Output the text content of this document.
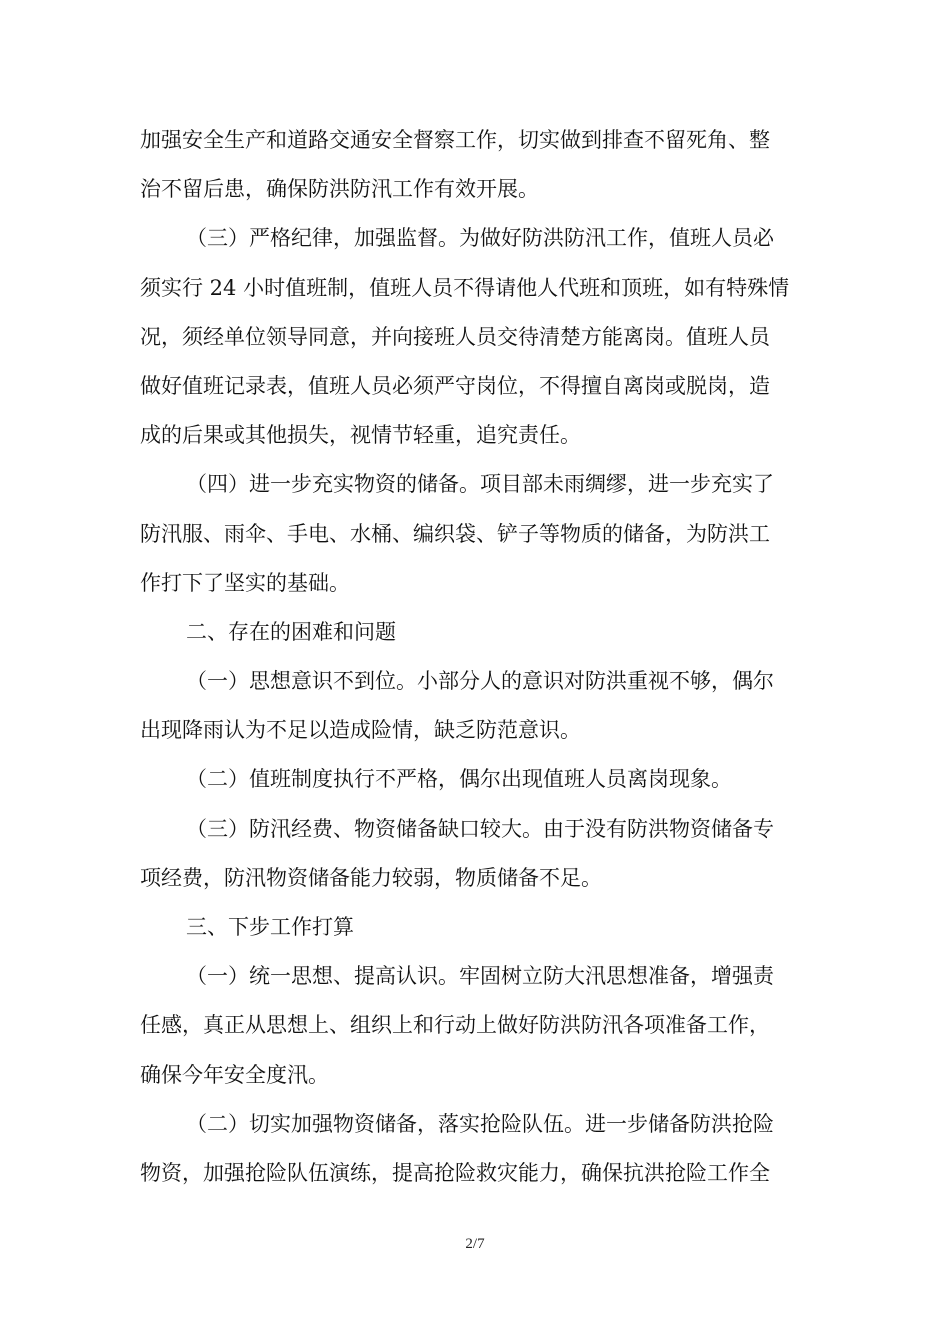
加强安全生产和道路交通安全督察工作，切实做到排查不留死角、整
治不留后患，确保防洪防汛工作有效开展。
（三）严格纪律，加强监督。为做好防洪防汛工作，值班人员必
须实行 24 小时值班制，值班人员不得请他人代班和顶班，如有特殊情
况，须经单位领导同意，并向接班人员交待清楚方能离岗。值班人员
做好值班记录表，值班人员必须严守岗位，不得擅自离岗或脱岗，造
成的后果或其他损失，视情节轻重，追究责任。
（四）进一步充实物资的储备。项目部未雨绸缪，进一步充实了
防汛服、雨伞、手电、水桶、编织袋、铲子等物质的储备，为防洪工
作打下了坚实的基础。
二、存在的困难和问题
（一）思想意识不到位。小部分人的意识对防洪重视不够，偶尔
出现降雨认为不足以造成险情，缺乏防范意识。
（二）值班制度执行不严格，偶尔出现值班人员离岗现象。
（三）防汛经费、物资储备缺口较大。由于没有防洪物资储备专
项经费，防汛物资储备能力较弱，物质储备不足。
三、下步工作打算
（一）统一思想、提高认识。牢固树立防大汛思想准备，增强责
任感，真正从思想上、组织上和行动上做好防洪防汛各项准备工作，
确保今年安全度汛。
（二）切实加强物资储备，落实抢险队伍。进一步储备防洪抢险
物资，加强抢险队伍演练，提高抢险救灾能力，确保抗洪抢险工作全
2/7
